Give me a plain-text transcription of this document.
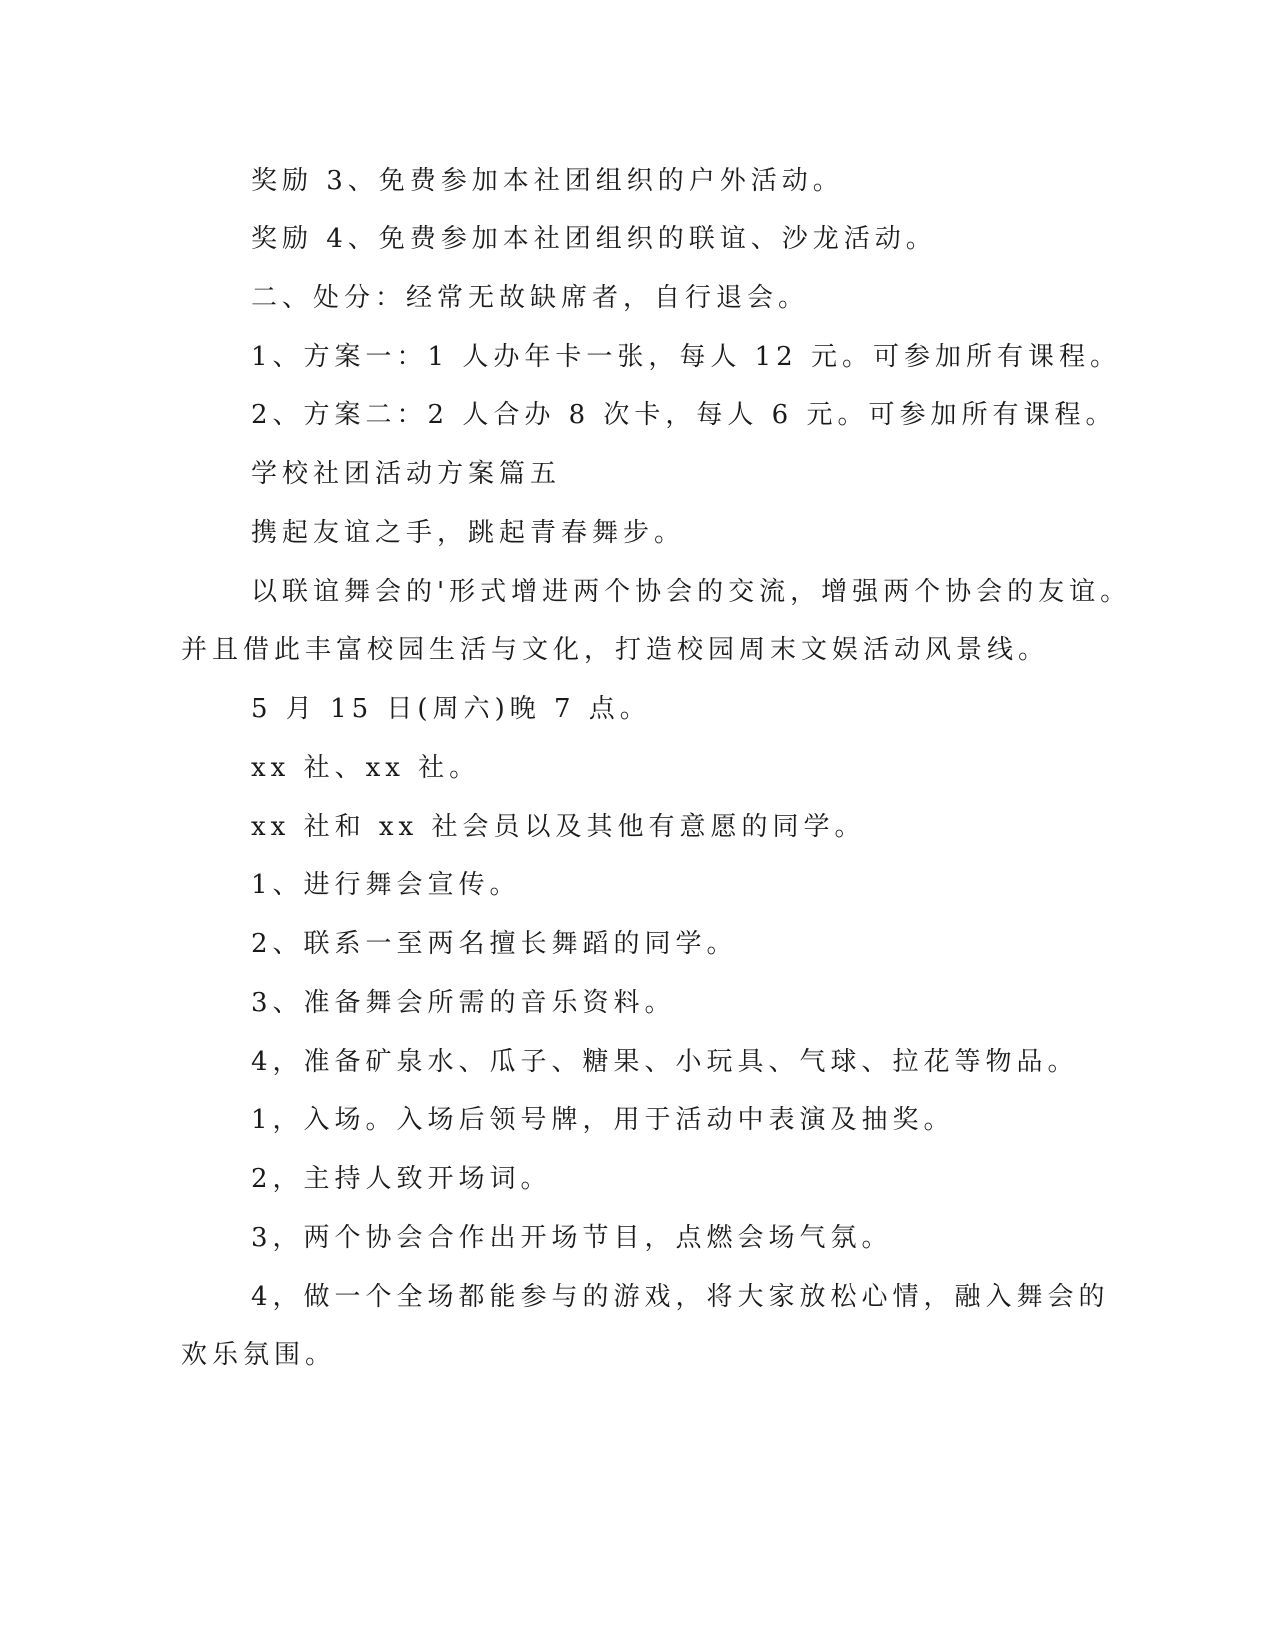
奖励 3、免费参加本社团组织的户外活动。
奖励 4、免费参加本社团组织的联谊、沙龙活动。
二、处分：经常无故缺席者，自行退会。
1、方案一：1 人办年卡一张，每人 12 元。可参加所有课程。
2、方案二：2 人合办 8 次卡，每人 6 元。可参加所有课程。
学校社团活动方案篇五
携起友谊之手，跳起青春舞步。
以联谊舞会的'形式增进两个协会的交流，增强两个协会的友谊。
并且借此丰富校园生活与文化，打造校园周末文娱活动风景线。
5 月 15 日(周六)晚 7 点。
xx 社、xx 社。
xx 社和 xx 社会员以及其他有意愿的同学。
1、进行舞会宣传。
2、联系一至两名擅长舞蹈的同学。
3、准备舞会所需的音乐资料。
4，准备矿泉水、瓜子、糖果、小玩具、气球、拉花等物品。
1，入场。入场后领号牌，用于活动中表演及抽奖。
2，主持人致开场词。
3，两个协会合作出开场节目，点燃会场气氛。
4，做一个全场都能参与的游戏，将大家放松心情，融入舞会的
欢乐氛围。
